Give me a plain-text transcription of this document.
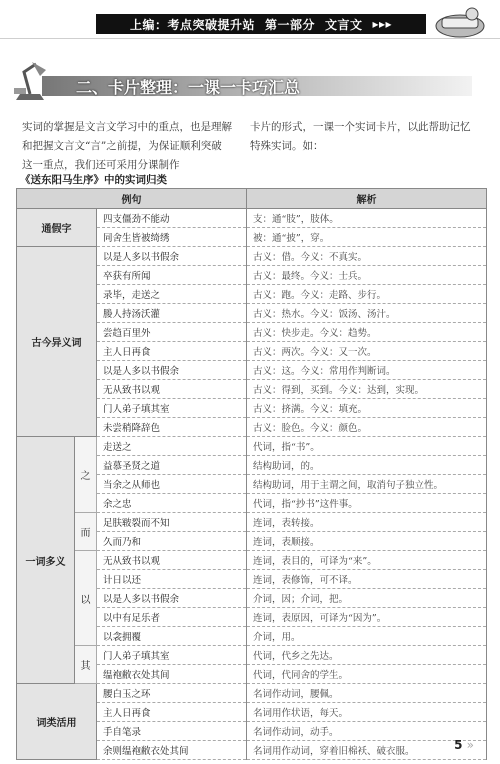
上编：考点突破提升站 第一部分 文言文 ▸▸▸
二、卡片整理：一课一卡巧汇总
实词的掌握是文言文学习中的重点，也是理解和把握文言文“言”之前提，为保证顺利突破这一重点，我们还可采用分课制作
卡片的形式，一课一个实词卡片，以此帮助记忆特殊实词。如：
《送东阳马生序》中的实词归类
例句			解析
通假字		四支僵劲不能动	支：通“肢”，肢体。
		同舍生皆被绮绣	被：通“披”，穿。
古今异义词		以是人多以书假余	古义：借。今义：不真实。
		卒获有所闻	古义：最终。今义：士兵。
		录毕，走送之	古义：跑。今义：走路、步行。
		媵人持汤沃灌	古义：热水。今义：饭汤、汤汁。
		尝趋百里外	古义：快步走。今义：趋势。
		主人日再食	古义：两次。今义：又一次。
		以是人多以书假余	古义：这。今义：常用作判断词。
		无从致书以观	古义：得到，买到。今义：达到，实现。
		门人弟子填其室	古义：挤满。今义：填充。
		未尝稍降辞色	古义：脸色。今义：颜色。
一词多义	之	走送之	代词，指“书”。
		益慕圣贤之道	结构助词，的。
		当余之从师也	结构助词，用于主谓之间，取消句子独立性。
		余之忠	代词，指“抄书”这件事。
	而	足肤皲裂而不知	连词，表转接。
		久而乃和	连词，表顺接。
	以	无从致书以观	连词，表目的，可译为“来”。
		计日以还	连词，表修饰，可不译。
		以是人多以书假余	介词，因；介词，把。
		以中有足乐者	连词，表原因，可译为“因为”。
		以衾拥覆	介词，用。
	其	门人弟子填其室	代词，代乡之先达。
		缊袍敝衣处其间	代词，代同舍的学生。
词类活用		腰白玉之环	名词作动词，腰佩。
		主人日再食	名词用作状语，每天。
		手自笔录	名词作动词，动手。
		余则缊袍敝衣处其间	名词用作动词，穿着旧棉袄、破衣服。	5 »
